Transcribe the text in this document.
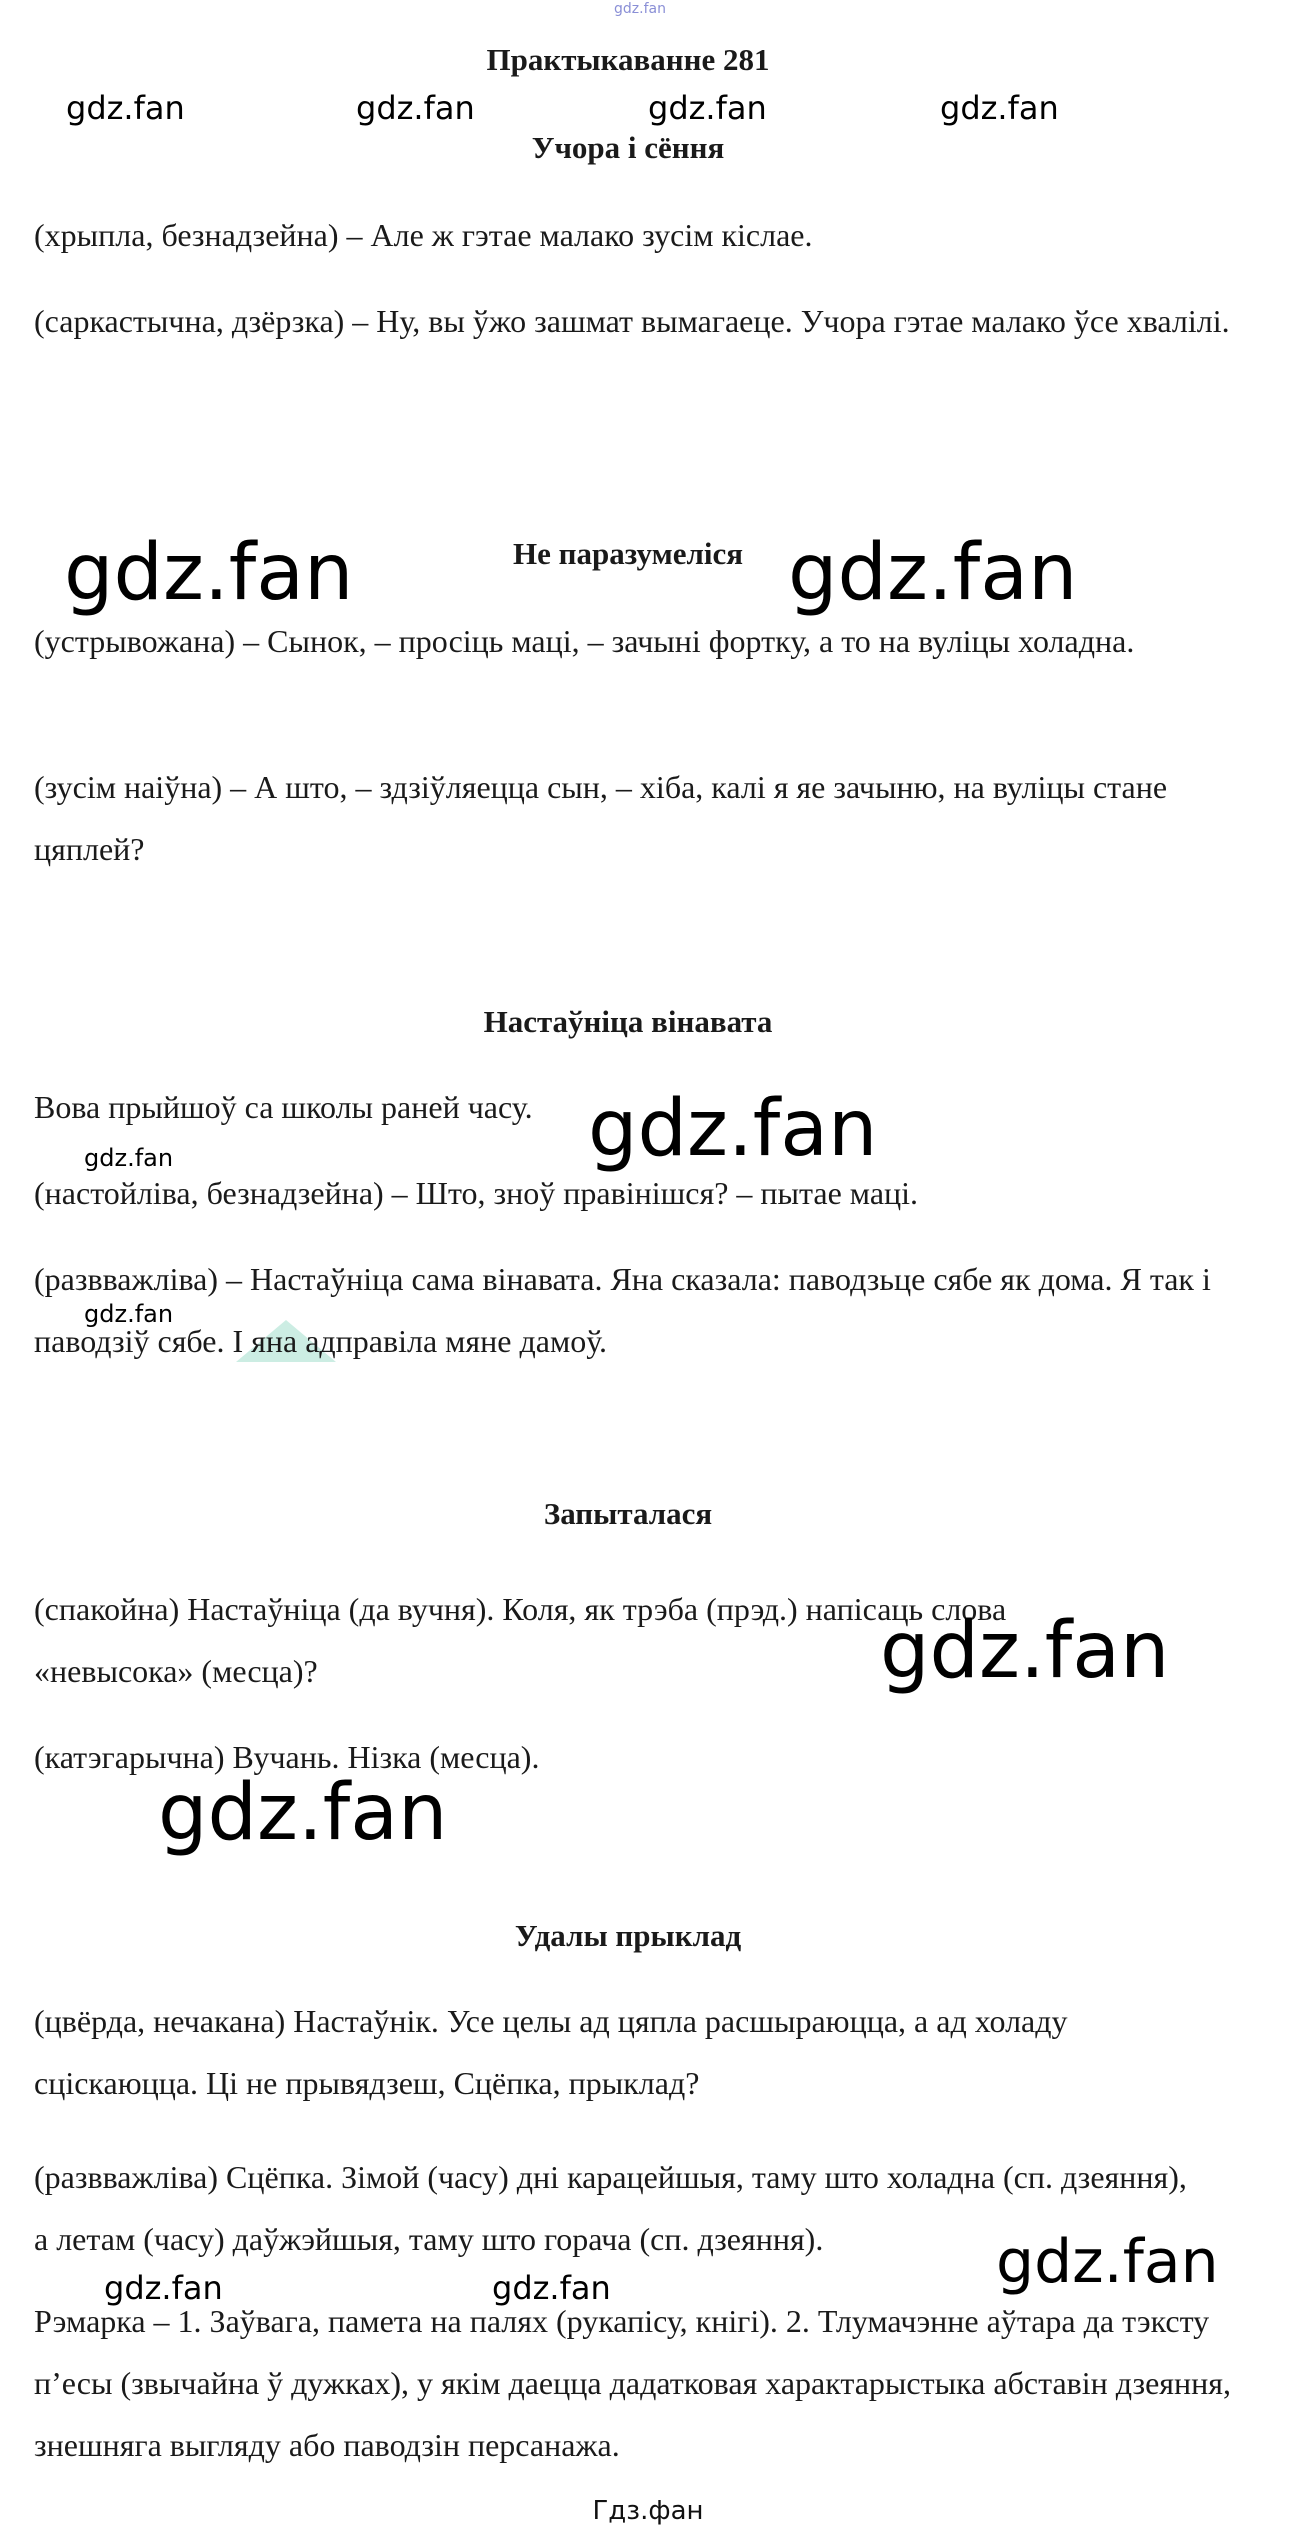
gdz.fan
Практыкаванне 281
gdz.fan	gdz.fan	gdz.fan	gdz.fan
Учора і сёння
(хрыпла, безнадзейна) – Але ж гэтае малако зусім кіслае.
(саркастычна, дзёрзка) – Ну, вы ўжо зашмат вымагаеце. Учора гэтае малако ўсе хвалілі.
Не паразумеліся
gdz.fan	gdz.fan
(устрывожана) – Сынок, – просіць маці, – зачыні фортку, а то на вуліцы холадна.
(зусім наіўна) – А што, – здзіўляецца сын, – хіба, калі я яе зачыню, на вуліцы стане цяплей?
Настаўніца вінавата
Вова прыйшоў са школы раней часу. gdz.fan
gdz.fan
(настойліва, безнадзейна) – Што, зноў правінішся? – пытае маці.
gdz.fan
(развважліва) – Настаўніца сама вінавата. Яна сказала: паводзьце сябе як дома. Я так і паводзіў сябе. І яна адправіла мяне дамоў.
Запыталася
(спакойна) Настаўніца (да вучня). Коля, як трэба (прэд.) напісаць слова «невысока» (месца)?	gdz.fan
(катэгарычна) Вучань. Нізка (месца).
gdz.fan
Удалы прыклад
(цвёрда, нечакана) Настаўнік. Усе целы ад цяпла расшыраюцца, а ад холаду сціскаюцца. Ці не прывядзеш, Сцёпка, прыклад?
(развважліва) Сцёпка. Зімой (часу) дні карацейшыя, таму што холадна (сп. дзеяння), а летам (часу) даўжэйшыя, таму што горача (сп. дзеяння).	gdz.fan
gdz.fan	gdz.fan
Рэмарка – 1. Заўвага, памета на палях (рукапісу, кнігі). 2. Тлумачэнне аўтара да тэксту п’есы (звычайна ў дужках), у якім даецца дадатковая характарыстыка абставін дзеяння, знешняга выгляду або паводзін персанажа.
Гдз.фан
